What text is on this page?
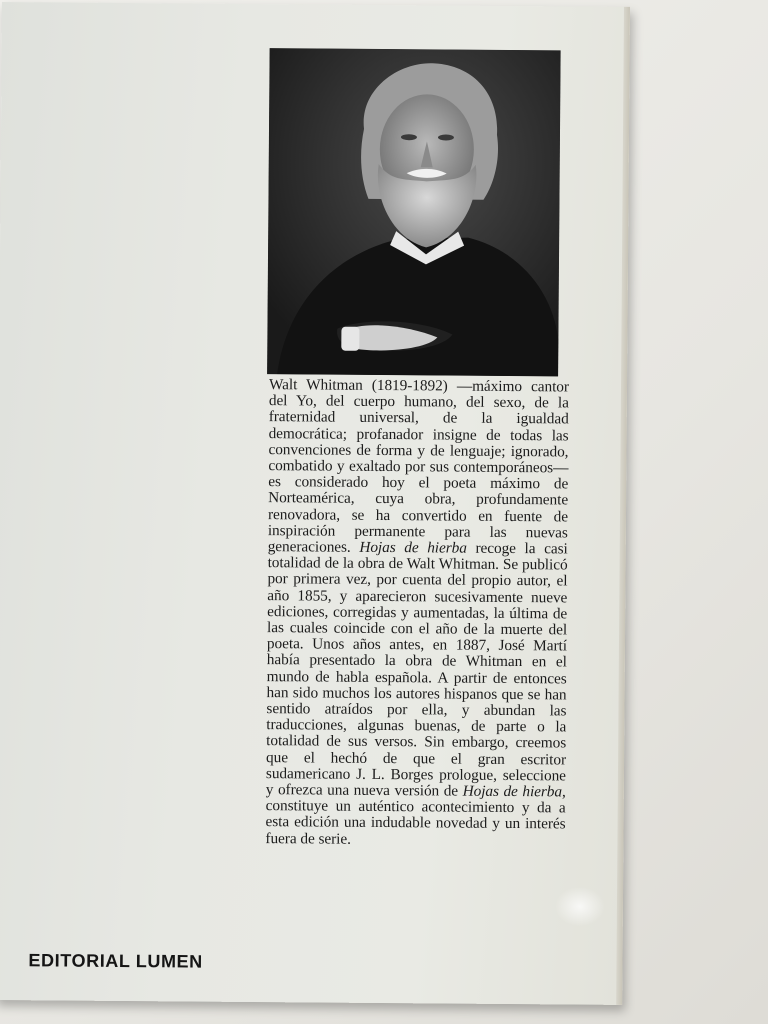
Walt Whitman (1819-1892) —máximo cantor del Yo, del cuerpo humano, del sexo, de la fraternidad universal, de la igualdad democrática; profanador insigne de todas las convenciones de forma y de lenguaje; ignorado, combatido y exaltado por sus contemporáneos— es considerado hoy el poeta máximo de Norteamérica, cuya obra, profundamente renovadora, se ha convertido en fuente de inspiración permanente para las nuevas generaciones. Hojas de hierba recoge la casi totalidad de la obra de Walt Whitman. Se publicó por primera vez, por cuenta del propio autor, el año 1855, y aparecieron sucesivamente nueve ediciones, corregidas y aumentadas, la última de las cuales coincide con el año de la muerte del poeta. Unos años antes, en 1887, José Martí había presentado la obra de Whitman en el mundo de habla española. A partir de entonces han sido muchos los autores hispanos que se han sentido atraídos por ella, y abundan las traducciones, algunas buenas, de parte o la totalidad de sus versos. Sin embargo, creemos que el hechó de que el gran escritor sudamericano J. L. Borges prologue, seleccione y ofrezca una nueva versión de Hojas de hierba, constituye un auténtico acontecimiento y da a esta edición una indudable novedad y un interés fuera de serie.
EDITORIAL LUMEN
